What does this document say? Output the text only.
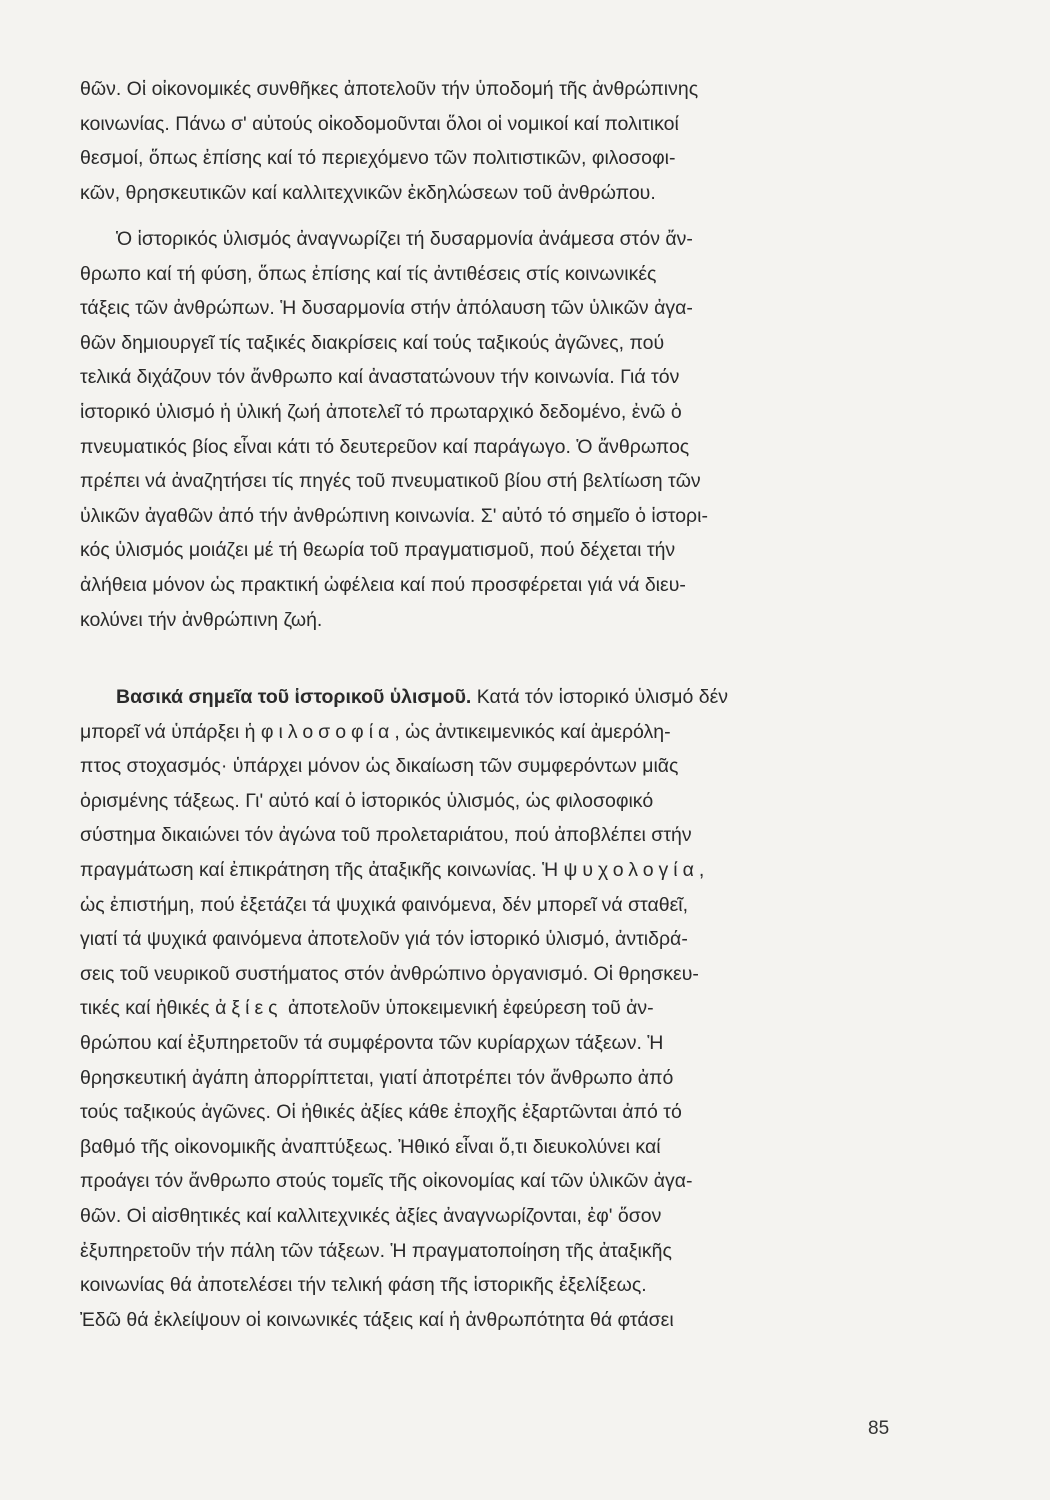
θῶν. Οἱ οἰκονομικές συνθῆκες ἀποτελοῦν τήν ὑποδομή τῆς ἀνθρώπινης
κοινωνίας. Πάνω σ' αὐτούς οἰκοδομοῦνται ὅλοι οἱ νομικοί καί πολιτικοί
θεσμοί, ὅπως ἐπίσης καί τό περιεχόμενο τῶν πολιτιστικῶν, φιλοσοφι-
κῶν, θρησκευτικῶν καί καλλιτεχνικῶν ἐκδηλώσεων τοῦ ἀνθρώπου.
Ὁ ἱστορικός ὑλισμός ἀναγνωρίζει τή δυσαρμονία ἀνάμεσα στόν ἄν-
θρωπο καί τή φύση, ὅπως ἐπίσης καί τίς ἀντιθέσεις στίς κοινωνικές
τάξεις τῶν ἀνθρώπων. Ἡ δυσαρμονία στήν ἀπόλαυση τῶν ὑλικῶν ἀγα-
θῶν δημιουργεῖ τίς ταξικές διακρίσεις καί τούς ταξικούς ἀγῶνες, πού
τελικά διχάζουν τόν ἄνθρωπο καί ἀναστατώνουν τήν κοινωνία. Γιά τόν
ἱστορικό ὑλισμό ἡ ὑλική ζωή ἀποτελεῖ τό πρωταρχικό δεδομένο, ἐνῶ ὁ
πνευματικός βίος εἶναι κάτι τό δευτερεῦον καί παράγωγο. Ὁ ἄνθρωπος
πρέπει νά ἀναζητήσει τίς πηγές τοῦ πνευματικοῦ βίου στή βελτίωση τῶν
ὑλικῶν ἀγαθῶν ἀπό τήν ἀνθρώπινη κοινωνία. Σ' αὐτό τό σημεῖο ὁ ἱστορι-
κός ὑλισμός μοιάζει μέ τή θεωρία τοῦ πραγματισμοῦ, πού δέχεται τήν
ἀλήθεια μόνον ὡς πρακτική ὠφέλεια καί πού προσφέρεται γιά νά διευ-
κολύνει τήν ἀνθρώπινη ζωή.
Βασικά σημεῖα τοῦ ἱστορικοῦ ὑλισμοῦ. Κατά τόν ἱστορικό ὑλισμό δέν
μπορεῖ νά ὑπάρξει ἡ φιλοσοφία, ὡς ἀντικειμενικός καί ἀμερόλη-
πτος στοχασμός· ὑπάρχει μόνον ὡς δικαίωση τῶν συμφερόντων μιᾶς
ὁρισμένης τάξεως. Γι' αὐτό καί ὁ ἱστορικός ὑλισμός, ὡς φιλοσοφικό
σύστημα δικαιώνει τόν ἀγώνα τοῦ προλεταριάτου, πού ἀποβλέπει στήν
πραγμάτωση καί ἐπικράτηση τῆς ἀταξικῆς κοινωνίας. Ἡ ψυχολογία,
ὡς ἐπιστήμη, πού ἐξετάζει τά ψυχικά φαινόμενα, δέν μπορεῖ νά σταθεῖ,
γιατί τά ψυχικά φαινόμενα ἀποτελοῦν γιά τόν ἱστορικό ὑλισμό, ἀντιδρά-
σεις τοῦ νευρικοῦ συστήματος στόν ἀνθρώπινο ὀργανισμό. Οἱ θρησκευ-
τικές καί ἠθικές ἀξίες ἀποτελοῦν ὑποκειμενική ἐφεύρεση τοῦ ἀν-
θρώπου καί ἐξυπηρετοῦν τά συμφέροντα τῶν κυρίαρχων τάξεων. Ἡ
θρησκευτική ἀγάπη ἀπορρίπτεται, γιατί ἀποτρέπει τόν ἄνθρωπο ἀπό
τούς ταξικούς ἀγῶνες. Οἱ ἠθικές ἀξίες κάθε ἐποχῆς ἐξαρτῶνται ἀπό τό
βαθμό τῆς οἰκονομικῆς ἀναπτύξεως. Ἠθικό εἶναι ὅ,τι διευκολύνει καί
προάγει τόν ἄνθρωπο στούς τομεῖς τῆς οἰκονομίας καί τῶν ὑλικῶν ἀγα-
θῶν. Οἱ αἰσθητικές καί καλλιτεχνικές ἀξίες ἀναγνωρίζονται, ἐφ' ὅσον
ἐξυπηρετοῦν τήν πάλη τῶν τάξεων. Ἡ πραγματοποίηση τῆς ἀταξικῆς
κοινωνίας θά ἀποτελέσει τήν τελική φάση τῆς ἱστορικῆς ἐξελίξεως.
Ἐδῶ θά ἐκλείψουν οἱ κοινωνικές τάξεις καί ἡ ἀνθρωπότητα θά φτάσει
85
